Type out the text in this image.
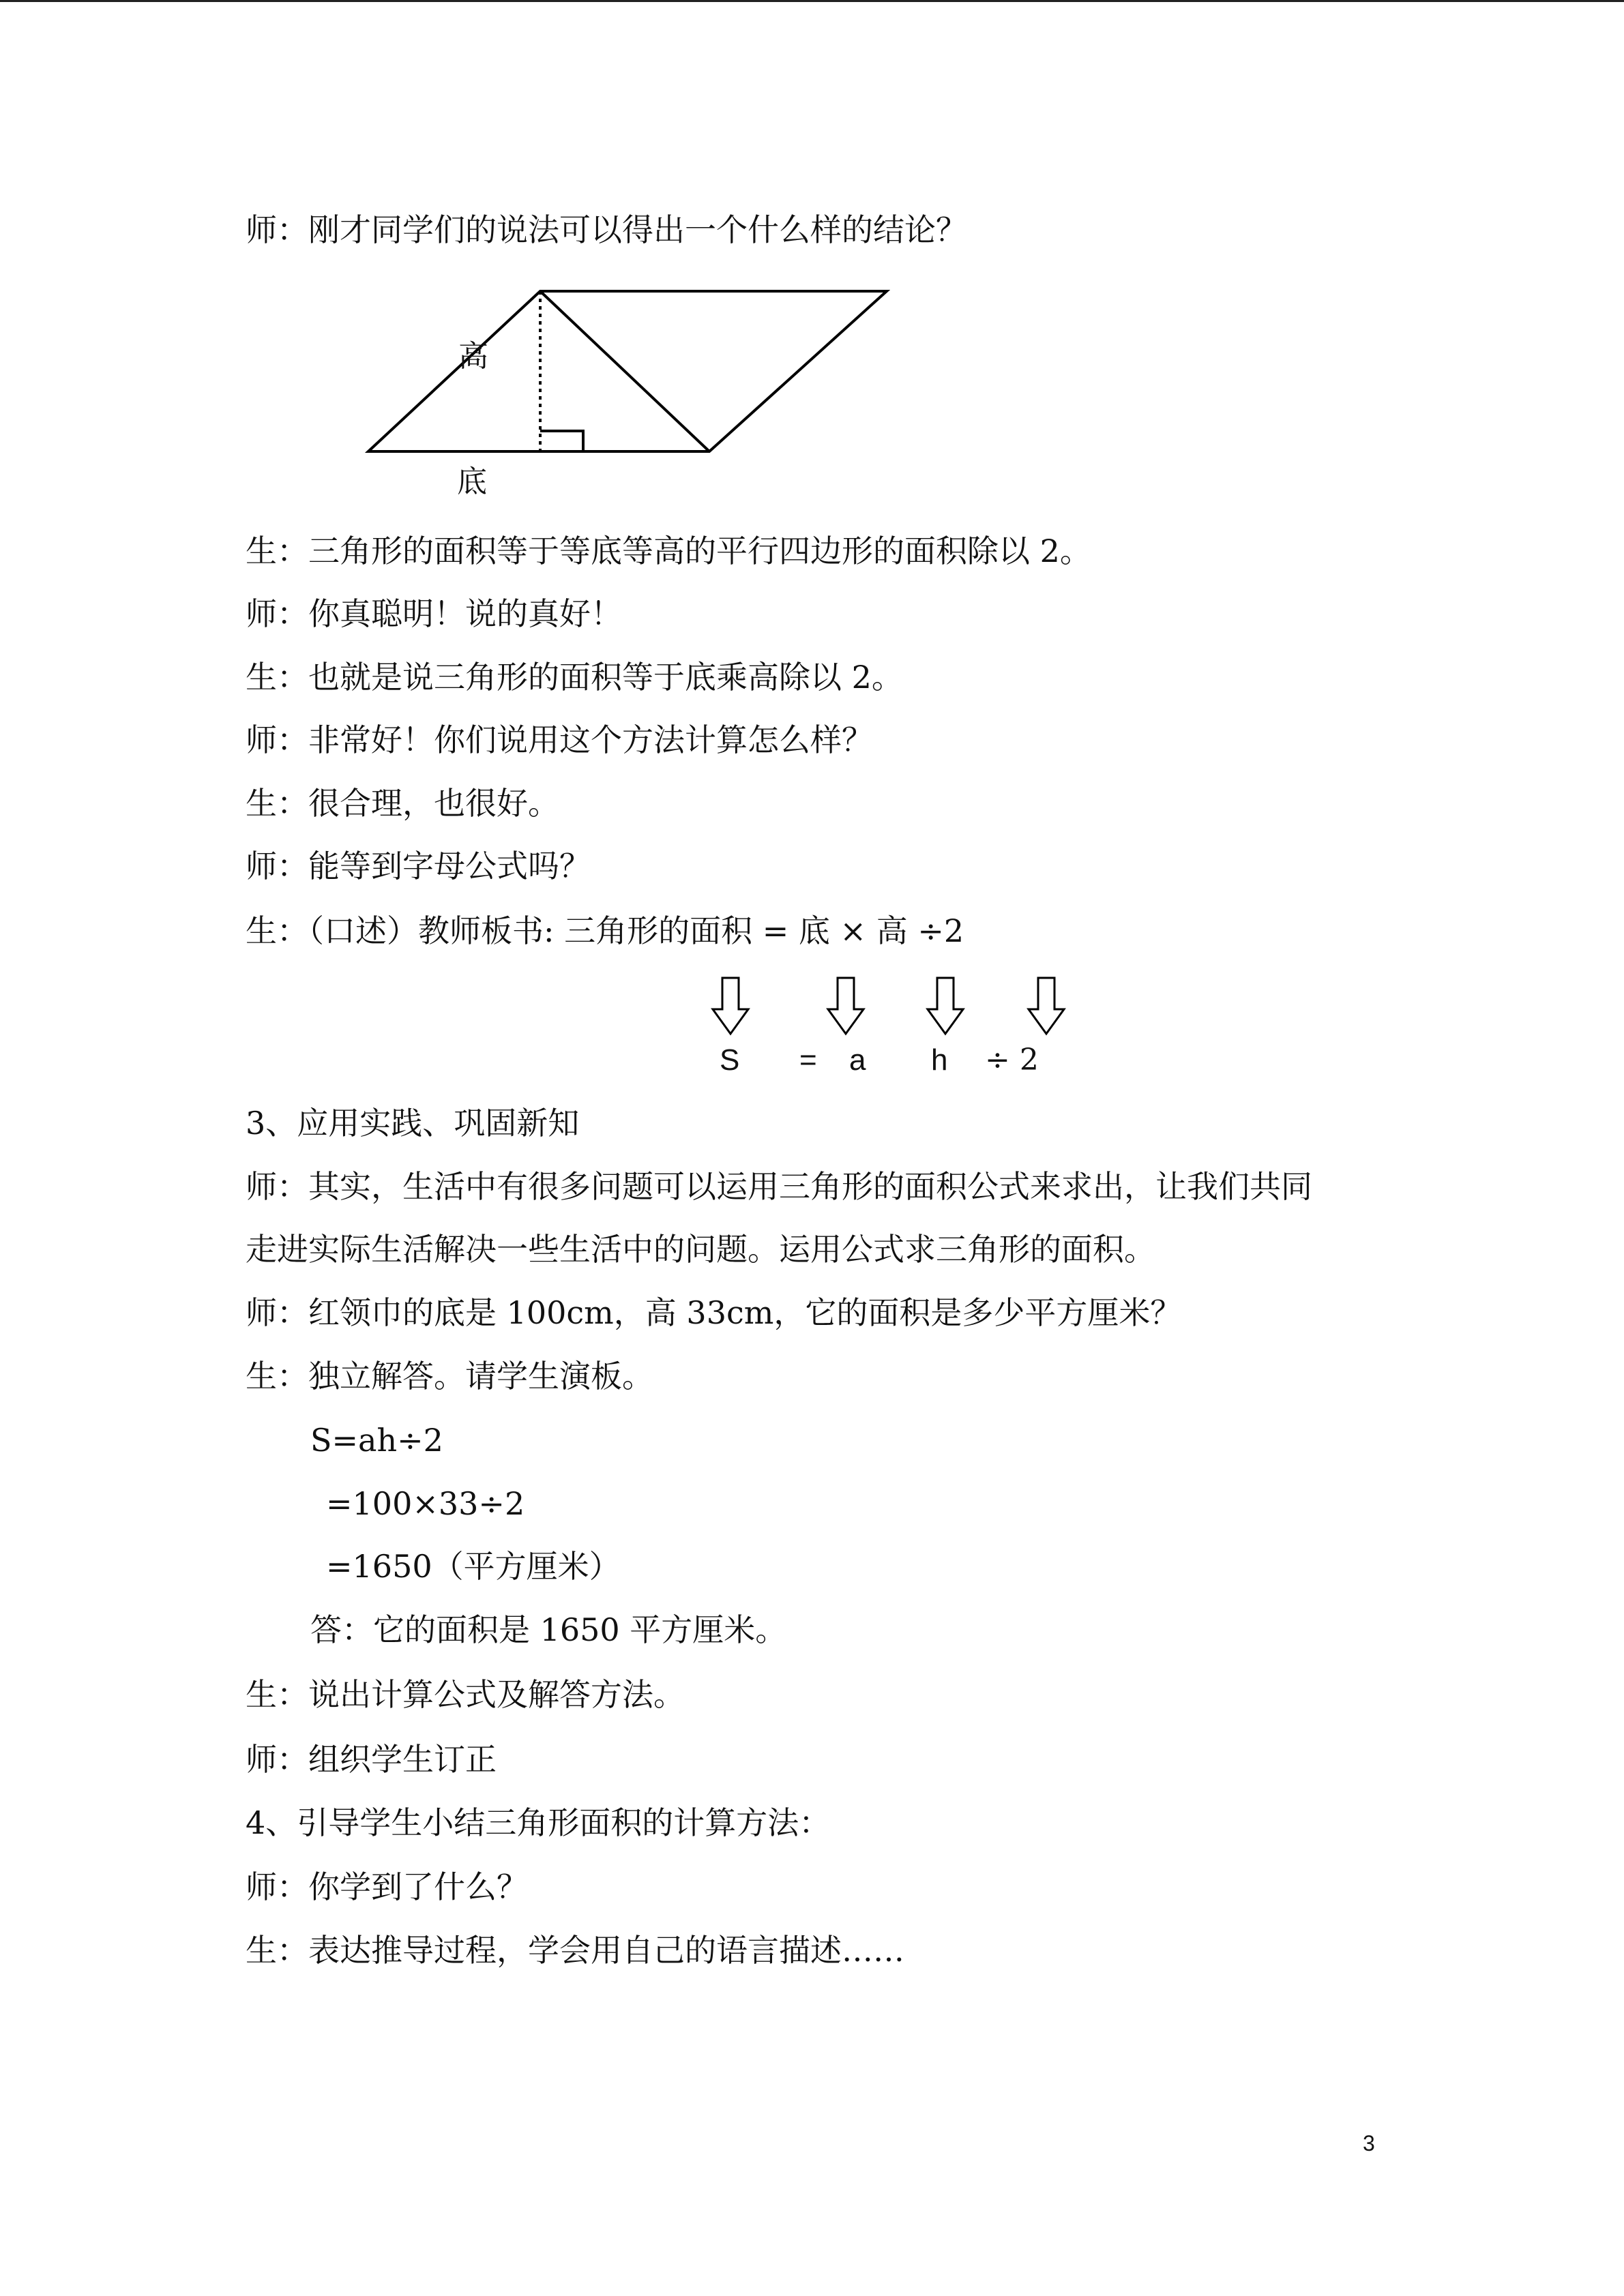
师：刚才同学们的说法可以得出一个什么样的结论？
高
底
生：三角形的面积等于等底等高的平行四边形的面积除以 2。
师：你真聪明！说的真好！
生：也就是说三角形的面积等于底乘高除以 2。
师：非常好！你们说用这个方法计算怎么样？
生：很合理，也很好。
师：能等到字母公式吗？
生：（口述）教师板书: 三角形的面积 = 底 × 高 ÷2
S = a h ÷ 2
3、应用实践、巩固新知
师：其实，生活中有很多问题可以运用三角形的面积公式来求出，让我们共同
走进实际生活解决一些生活中的问题。运用公式求三角形的面积。
师：红领巾的底是 100cm，高 33cm，它的面积是多少平方厘米？
生：独立解答。请学生演板。
S=ah÷2
=100×33÷2
=1650（平方厘米）
答：它的面积是 1650 平方厘米。
生：说出计算公式及解答方法。
师：组织学生订正
4、引导学生小结三角形面积的计算方法：
师：你学到了什么？
生：表达推导过程，学会用自己的语言描述……
3
